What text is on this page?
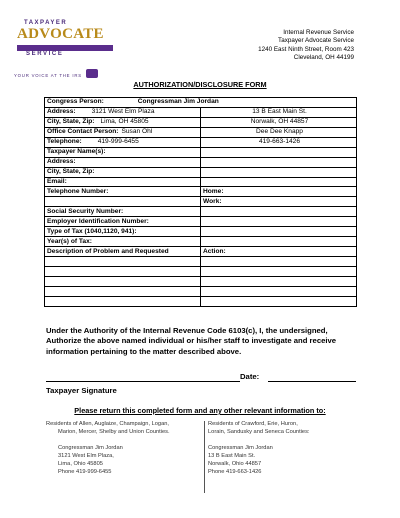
TAXPAYER
ADVOCATE
SERVICE
YOUR VOICE AT THE IRS
Internal Revenue Service
Taxpayer Advocate Service
1240 East Ninth Street, Room 423
Cleveland, OH 44199
AUTHORIZATION/DISCLOSURE FORM
Congress Person: Congressman Jim Jordan	
Address: 3121 West Elm Plaza	13 B East Main St.
City, State, Zip: Lima, OH 45805	Norwalk, OH 44857
Office Contact Person: Susan Ohl	Dee Dee Knapp
Telephone: 419-999-6455	419-663-1426
Taxpayer Name(s):	
Address:	
City, State, Zip:	
Email:	
Telephone Number:	Home:
	Work:
Social Security Number:	
Employer Identification Number:	
Type of Tax (1040,1120, 941):	
Year(s) of Tax:	
Description of Problem and Requested	Action:

Under the Authority of the Internal Revenue Code 6103(c), I, the undersigned, Authorize the above named individual or his/her staff to investigate and receive information pertaining to the matter described above.
Date:
Taxpayer Signature
Please return this completed form and any other relevant information to:

Residents of Allen, Auglaize, Champaign, Logan,

Marion, Mercer, Shelby and Union Counties.

Congressman Jim Jordan

3121 West Elm Plaza,

Lima, Ohio 45805

Phone 419-999-6455

Residents of Crawford, Erie, Huron,

Lorain, Sandusky and Seneca Counties:

Congressman Jim Jordan

13 B East Main St.

Norwalk, Ohio 44857

Phone 419-663-1426
